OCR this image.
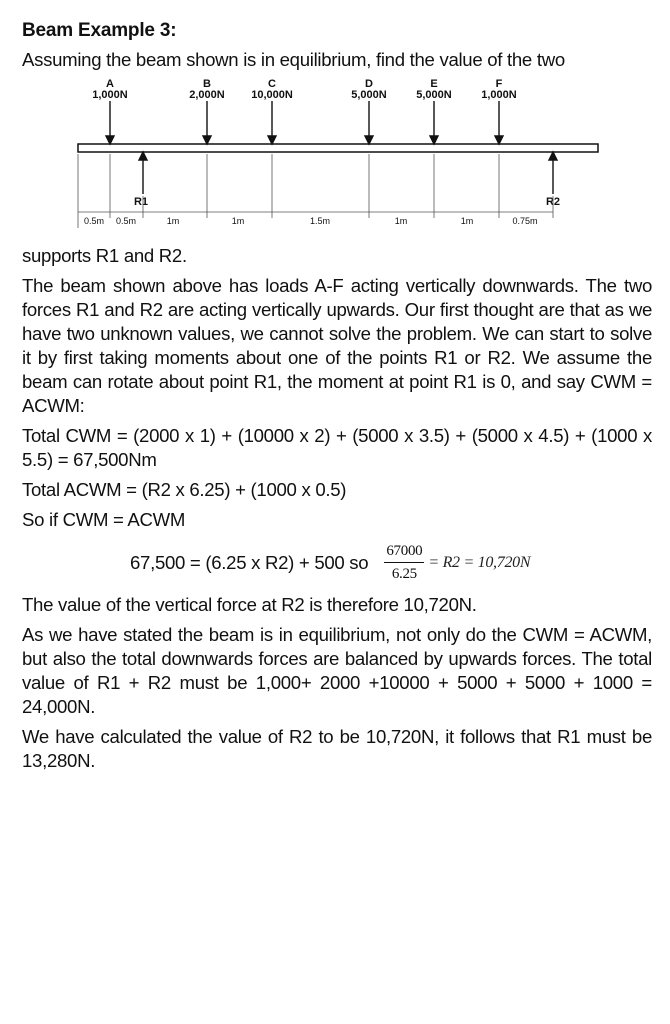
Beam Example 3:
Assuming the beam shown is in equilibrium, find the value of the two
A
1,000N
B
2,000N
C
10,000N
D
5,000N
E
5,000N
F
1,000N
R1	R2
0.5m 0.5m	1m	1m	1.5m	1m	1m	0.75m
supports R1 and R2.
The beam shown above has loads A-F acting vertically downwards. The two forces R1 and R2 are acting vertically upwards. Our first thought are that as we have two unknown values, we cannot solve the problem. We can start to solve it by first taking moments about one of the points R1 or R2. We assume the beam can rotate about point R1, the moment at point R1 is 0, and say CWM = ACWM:
Total CWM = (2000 x 1) + (10000 x 2) + (5000 x 3.5) + (5000 x 4.5) + (1000 x 5.5) = 67,500Nm
Total ACWM = (R2 x 6.25) + (1000 x 0.5)
So if CWM = ACWM
67,500 = (6.25 x R2) + 500 so $\frac{67000}{6.25} = R2 = 10,720N$
The value of the vertical force at R2 is therefore 10,720N.
As we have stated the beam is in equilibrium, not only do the CWM = ACWM, but also the total downwards forces are balanced by upwards forces. The total value of R1 + R2 must be 1,000+ 2000 +10000 + 5000 + 5000 + 1000 = 24,000N.
We have calculated the value of R2 to be 10,720N, it follows that R1 must be 13,280N.
